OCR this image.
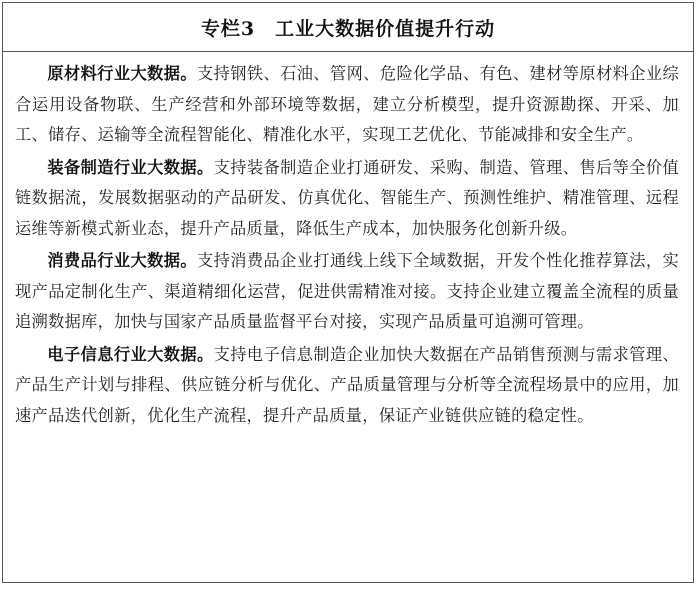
专栏3　工业大数据价值提升行动

原材料行业大数据。支持钢铁、石油、管网、危险化学品、有色、建材等原材料企业综合运用设备物联、生产经营和外部环境等数据，建立分析模型，提升资源勘探、开采、加工、储存、运输等全流程智能化、精准化水平，实现工艺优化、节能减排和安全生产。

装备制造行业大数据。支持装备制造企业打通研发、采购、制造、管理、售后等全价值链数据流，发展数据驱动的产品研发、仿真优化、智能生产、预测性维护、精准管理、远程运维等新模式新业态，提升产品质量，降低生产成本，加快服务化创新升级。

消费品行业大数据。支持消费品企业打通线上线下全域数据，开发个性化推荐算法，实现产品定制化生产、渠道精细化运营，促进供需精准对接。支持企业建立覆盖全流程的质量追溯数据库，加快与国家产品质量监督平台对接，实现产品质量可追溯可管理。

电子信息行业大数据。支持电子信息制造企业加快大数据在产品销售预测与需求管理、产品生产计划与排程、供应链分析与优化、产品质量管理与分析等全流程场景中的应用，加速产品迭代创新，优化生产流程，提升产品质量，保证产业链供应链的稳定性。
